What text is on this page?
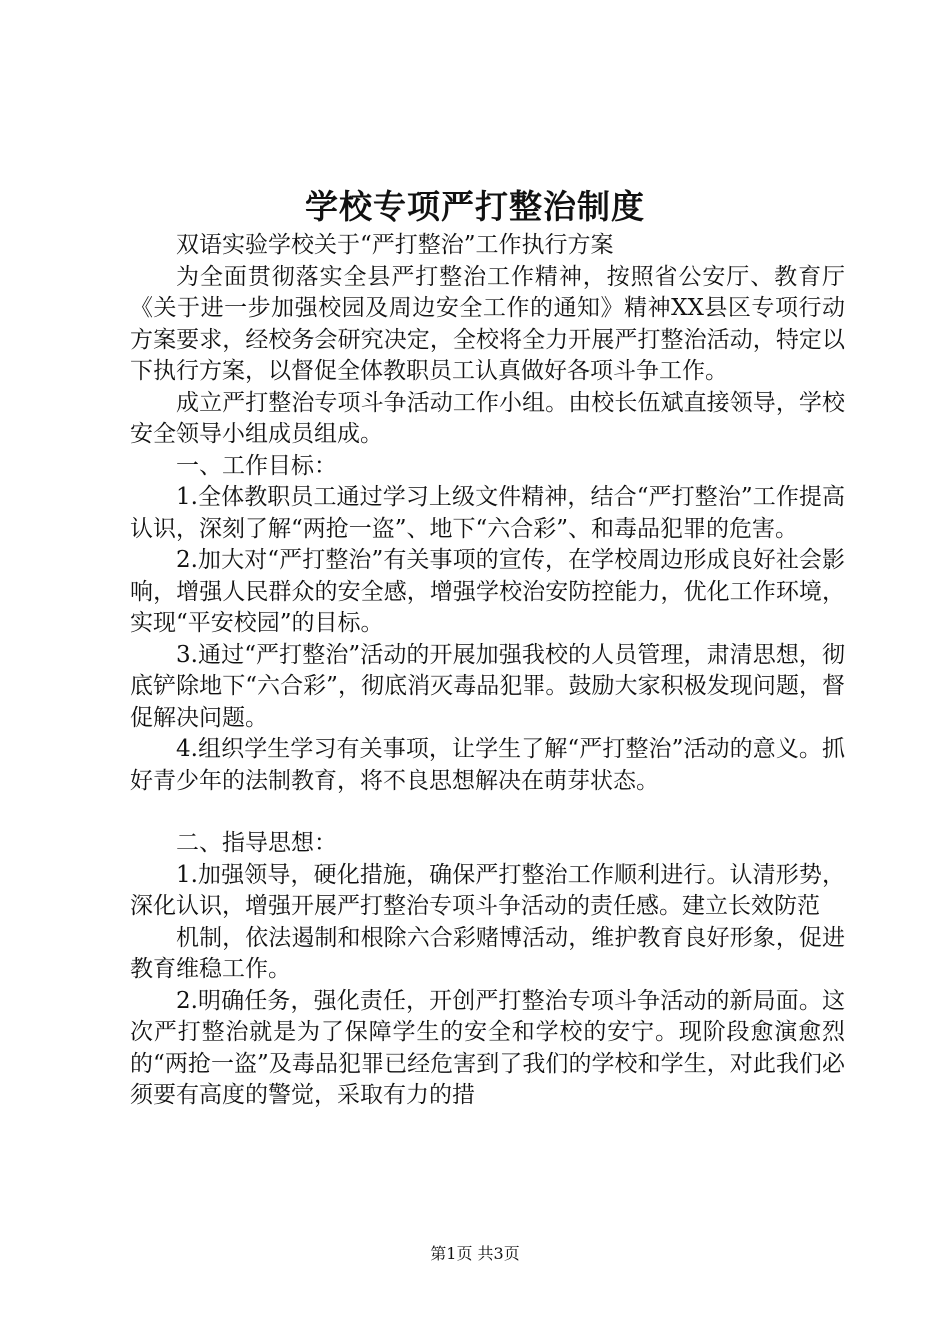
学校专项严打整治制度

双语实验学校关于“严打整治”工作执行方案

为全面贯彻落实全县严打整治工作精神，按照省公安厅、教育厅《关于进一步加强校园及周边安全工作的通知》精神XX县区专项行动方案要求，经校务会研究决定，全校将全力开展严打整治活动，特定以下执行方案，以督促全体教职员工认真做好各项斗争工作。

成立严打整治专项斗争活动工作小组。由校长伍斌直接领导，学校安全领导小组成员组成。

一、工作目标：

1.全体教职员工通过学习上级文件精神，结合“严打整治”工作提高认识，深刻了解“两抢一盗”、地下“六合彩”、和毒品犯罪的危害。

2.加大对“严打整治”有关事项的宣传，在学校周边形成良好社会影响，增强人民群众的安全感，增强学校治安防控能力，优化工作环境，实现“平安校园”的目标。

3.通过“严打整治”活动的开展加强我校的人员管理，肃清思想，彻底铲除地下“六合彩”，彻底消灭毒品犯罪。鼓励大家积极发现问题，督促解决问题。

4.组织学生学习有关事项，让学生了解“严打整治”活动的意义。抓好青少年的法制教育，将不良思想解决在萌芽状态。

二、指导思想：

1.加强领导，硬化措施，确保严打整治工作顺利进行。认清形势，深化认识，增强开展严打整治专项斗争活动的责任感。建立长效防范

机制，依法遏制和根除六合彩赌博活动，维护教育良好形象，促进教育维稳工作。

2.明确任务，强化责任，开创严打整治专项斗争活动的新局面。这次严打整治就是为了保障学生的安全和学校的安宁。现阶段愈演愈烈的“两抢一盗”及毒品犯罪已经危害到了我们的学校和学生，对此我们必须要有高度的警觉，采取有力的措

第1页 共3页
